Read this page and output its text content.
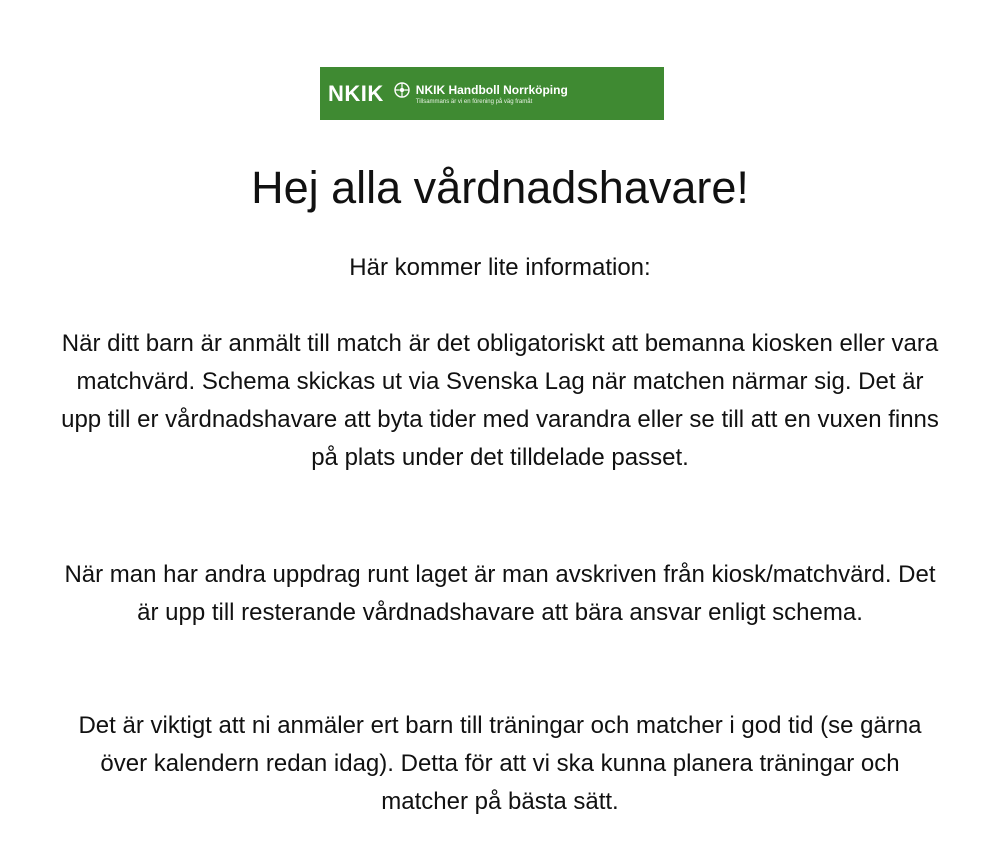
NKIK	NKIK Handboll Norrköping
Tillsammans är vi en förening på väg framåt
Hej alla vårdnadshavare!

Här kommer lite information:

När ditt barn är anmält till match är det obligatoriskt att bemanna kiosken eller vara matchvärd. Schema skickas ut via Svenska Lag när matchen närmar sig. Det är upp till er vårdnadshavare att byta tider med varandra eller se till att en vuxen finns på plats under det tilldelade passet.

När man har andra uppdrag runt laget är man avskriven från kiosk/matchvärd. Det är upp till resterande vårdnadshavare att bära ansvar enligt schema.

Det är viktigt att ni anmäler ert barn till träningar och matcher i god tid (se gärna över kalendern redan idag). Detta för att vi ska kunna planera träningar och matcher på bästa sätt.
